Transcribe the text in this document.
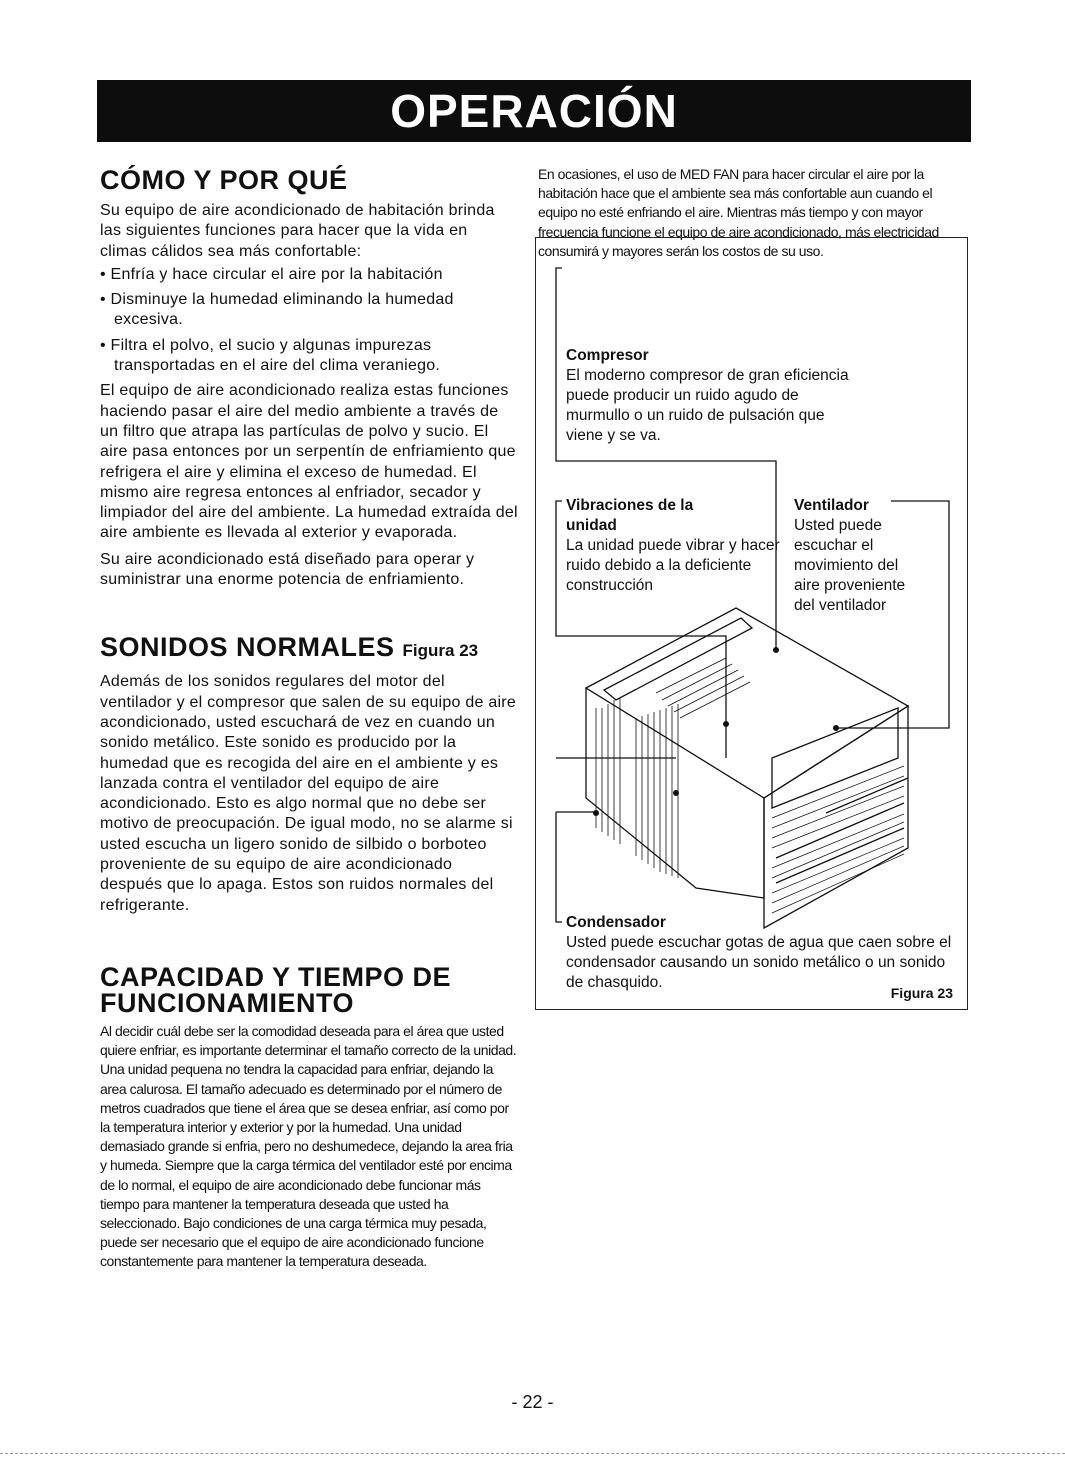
OPERACIÓN
CÓMO Y POR QUÉ

Su equipo de aire acondicionado de habitación brinda las siguientes funciones para hacer que la vida en climas cálidos sea más confortable:

• Enfría y hace circular el aire por la habitación

• Disminuye la humedad eliminando la humedad excesiva.

• Filtra el polvo, el sucio y algunas impurezas transportadas en el aire del clima veraniego.

El equipo de aire acondicionado realiza estas funciones haciendo pasar el aire del medio ambiente a través de un filtro que atrapa las partículas de polvo y sucio. El aire pasa entonces por un serpentín de enfriamiento que refrigera el aire y elimina el exceso de humedad. El mismo aire regresa entonces al enfriador, secador y limpiador del aire del ambiente. La humedad extraída del aire ambiente es llevada al exterior y evaporada.

Su aire acondicionado está diseñado para operar y suministrar una enorme potencia de enfriamiento.

SONIDOS NORMALES Figura 23

Además de los sonidos regulares del motor del ventilador y el compresor que salen de su equipo de aire acondicionado, usted escuchará de vez en cuando un sonido metálico. Este sonido es producido por la humedad que es recogida del aire en el ambiente y es lanzada contra el ventilador del equipo de aire acondicionado. Esto es algo normal que no debe ser motivo de preocupación. De igual modo, no se alarme si usted escucha un ligero sonido de silbido o borboteo proveniente de su equipo de aire acondicionado después que lo apaga. Estos son ruidos normales del refrigerante.

CAPACIDAD Y TIEMPO DE
FUNCIONAMIENTO

Al decidir cuál debe ser la comodidad deseada para el área que usted quiere enfriar, es importante determinar el tamaño correcto de la unidad. Una unidad pequena no tendra la capacidad para enfriar, dejando la area calurosa. El tamaño adecuado es determinado por el número de metros cuadrados que tiene el área que se desea enfriar, así como por la temperatura interior y exterior y por la humedad. Una unidad demasiado grande si enfria, pero no deshumedece, dejando la area fria y humeda. Siempre que la carga térmica del ventilador esté por encima de lo normal, el equipo de aire acondicionado debe funcionar más tiempo para mantener la temperatura deseada que usted ha seleccionado. Bajo condiciones de una carga térmica muy pesada, puede ser necesario que el equipo de aire acondicionado funcione constantemente para mantener la temperatura deseada.

En ocasiones, el uso de MED FAN para hacer circular el aire por la habitación hace que el ambiente sea más confortable aun cuando el equipo no esté enfriando el aire. Mientras más tiempo y con mayor frecuencia funcione el equipo de aire acondicionado, más electricidad consumirá y mayores serán los costos de su uso.

Compresor
El moderno compresor de gran eficiencia puede producir un ruido agudo de murmullo o un ruido de pulsación que viene y se va.
Vibraciones de la
unidad
La unidad puede vibrar y hacer ruido debido a la deficiente construcción
Ventilador
Usted puede escuchar el movimiento del aire proveniente del ventilador
Condensador
Usted puede escuchar gotas de agua que caen sobre el condensador causando un sonido metálico o un sonido de chasquido.
Figura 23
- 22 -
